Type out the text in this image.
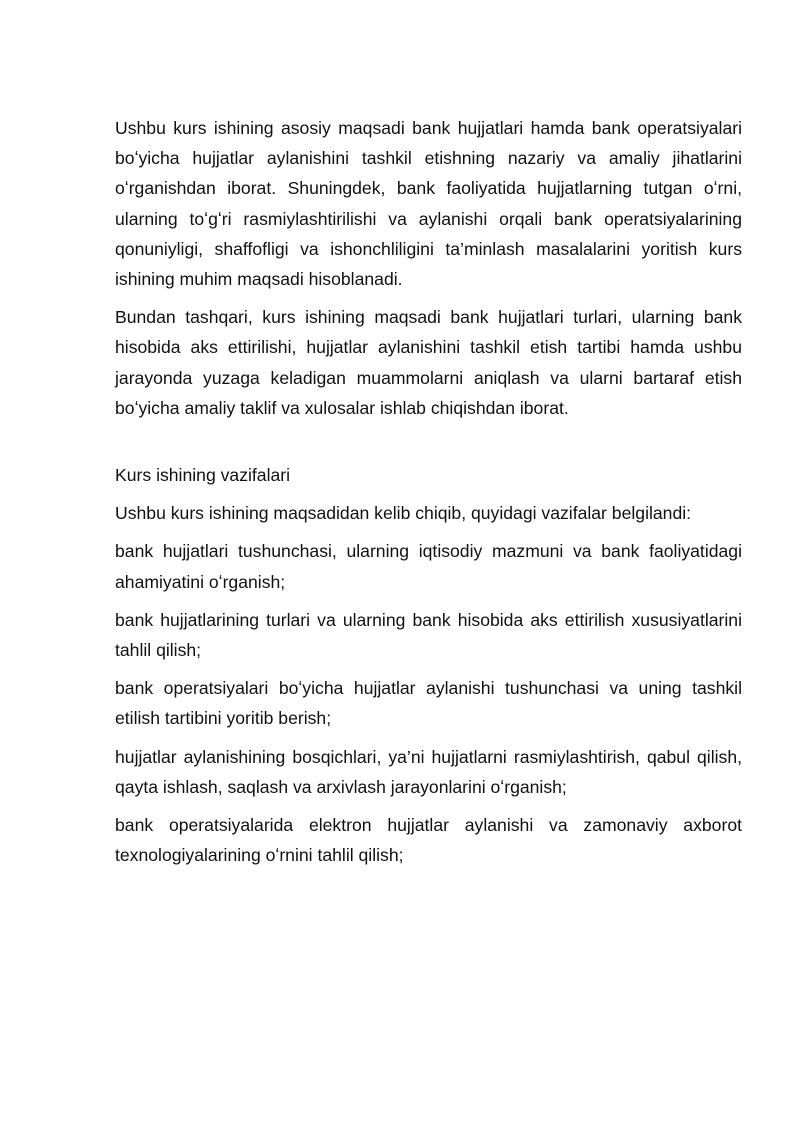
Ushbu kurs ishining asosiy maqsadi bank hujjatlari hamda bank operatsiyalari boʻyicha hujjatlar aylanishini tashkil etishning nazariy va amaliy jihatlarini oʻrganishdan iborat. Shuningdek, bank faoliyatida hujjatlarning tutgan oʻrni, ularning toʻgʻri rasmiylashtirilishi va aylanishi orqali bank operatsiyalarining qonuniyligi, shaffofligi va ishonchliligini ta’minlash masalalarini yoritish kurs ishining muhim maqsadi hisoblanadi.

Bundan tashqari, kurs ishining maqsadi bank hujjatlari turlari, ularning bank hisobida aks ettirilishi, hujjatlar aylanishini tashkil etish tartibi hamda ushbu jarayonda yuzaga keladigan muammolarni aniqlash va ularni bartaraf etish boʻyicha amaliy taklif va xulosalar ishlab chiqishdan iborat.

Kurs ishining vazifalari

Ushbu kurs ishining maqsadidan kelib chiqib, quyidagi vazifalar belgilandi:

bank hujjatlari tushunchasi, ularning iqtisodiy mazmuni va bank faoliyatidagi ahamiyatini oʻrganish;

bank hujjatlarining turlari va ularning bank hisobida aks ettirilish xususiyatlarini tahlil qilish;

bank operatsiyalari boʻyicha hujjatlar aylanishi tushunchasi va uning tashkil etilish tartibini yoritib berish;

hujjatlar aylanishining bosqichlari, ya’ni hujjatlarni rasmiylashtirish, qabul qilish, qayta ishlash, saqlash va arxivlash jarayonlarini oʻrganish;

bank operatsiyalarida elektron hujjatlar aylanishi va zamonaviy axborot texnologiyalarining oʻrnini tahlil qilish;
